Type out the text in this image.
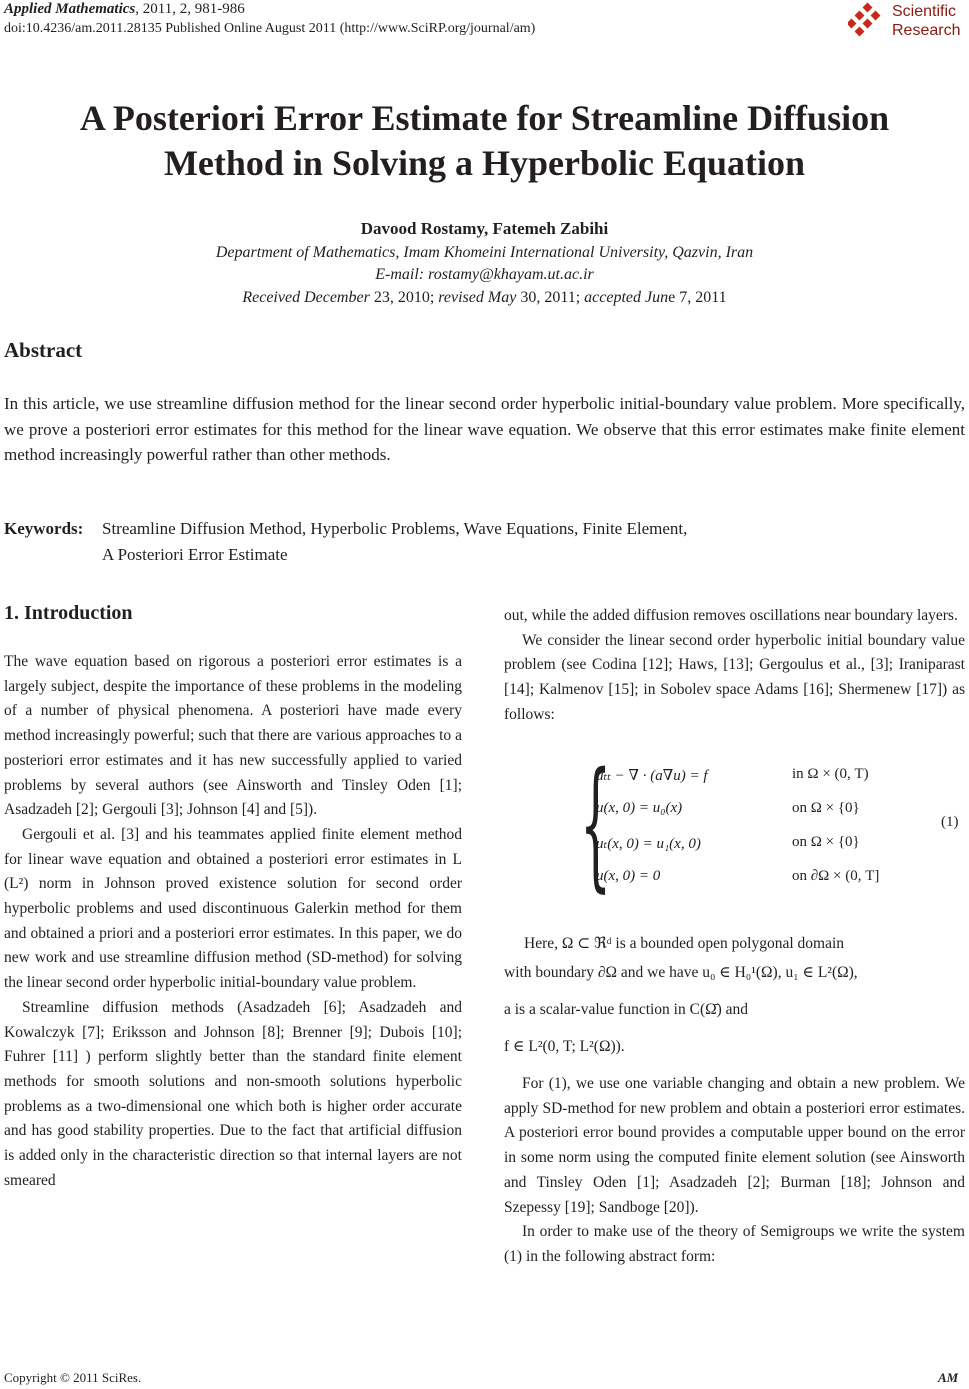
Applied Mathematics, 2011, 2, 981-986
doi:10.4236/am.2011.28135 Published Online August 2011 (http://www.SciRP.org/journal/am)
Scientific
Research
A Posteriori Error Estimate for Streamline Diffusion
Method in Solving a Hyperbolic Equation
Davood Rostamy, Fatemeh Zabihi
Department of Mathematics, Imam Khomeini International University, Qazvin, Iran
E-mail: rostamy@khayam.ut.ac.ir
Received December 23, 2010; revised May 30, 2011; accepted June 7, 2011
Abstract
In this article, we use streamline diffusion method for the linear second order hyperbolic initial-boundary value problem. More specifically, we prove a posteriori error estimates for this method for the linear wave equation. We observe that this error estimates make finite element method increasingly powerful rather than other methods.
Keywords: Streamline Diffusion Method, Hyperbolic Problems, Wave Equations, Finite Element,
A Posteriori Error Estimate
1. Introduction

The wave equation based on rigorous a posteriori error estimates is a largely subject, despite the importance of these problems in the modeling of a number of physical phenomena. A posteriori have made every method increasingly powerful; such that there are various approaches to a posteriori error estimates and it has new successfully applied to varied problems by several authors (see Ainsworth and Tinsley Oden [1]; Asadzadeh [2]; Gergouli [3]; Johnson [4] and [5]).

Gergouli et al. [3] and his teammates applied finite element method for linear wave equation and obtained a posteriori error estimates in L (L²) norm in Johnson proved existence solution for second order hyperbolic problems and used discontinuous Galerkin method for them and obtained a priori and a posteriori error estimates. In this paper, we do new work and use streamline diffusion method (SD-method) for solving the linear second order hyperbolic initial-boundary value problem.

Streamline diffusion methods (Asadzadeh [6]; Asadzadeh and Kowalczyk [7]; Eriksson and Johnson [8]; Brenner [9]; Dubois [10]; Fuhrer [11] ) perform slightly better than the standard finite element methods for smooth solutions and non-smooth solutions hyperbolic problems as a two-dimensional one which both is higher order accurate and has good stability properties. Due to the fact that artificial diffusion is added only in the characteristic direction so that internal layers are not smeared

out, while the added diffusion removes oscillations near boundary layers.

We consider the linear second order hyperbolic initial boundary value problem (see Codina [12]; Haws, [13]; Gergoulus et al., [3]; Iraniparast [14]; Kalmenov [15]; in Sobolev space Adams [16]; Shermenew [17]) as follows:

{
uₜₜ − ∇ · (a∇u) = f
u(x, 0) = u₀(x)
uₜ(x, 0) = u₁(x, 0)
u(x, 0) = 0
in Ω × (0, T)
on Ω × {0}
on Ω × {0}
on ∂Ω × (0, T]
(1)
Here, Ω ⊂ ℜᵈ is a bounded open polygonal domain
with boundary ∂Ω and we have u₀ ∈ H₀¹(Ω), u₁ ∈ L²(Ω),
a is a scalar-value function in C(Ω̄) and
f ∈ L²(0, T; L²(Ω)).

For (1), we use one variable changing and obtain a new problem. We apply SD-method for new problem and obtain a posteriori error estimates. A posteriori error bound provides a computable upper bound on the error in some norm using the computed finite element solution (see Ainsworth and Tinsley Oden [1]; Asadzadeh [2]; Burman [18]; Johnson and Szepessy [19]; Sandboge [20]).

In order to make use of the theory of Semigroups we write the system (1) in the following abstract form:

Copyright © 2011 SciRes.	AM
